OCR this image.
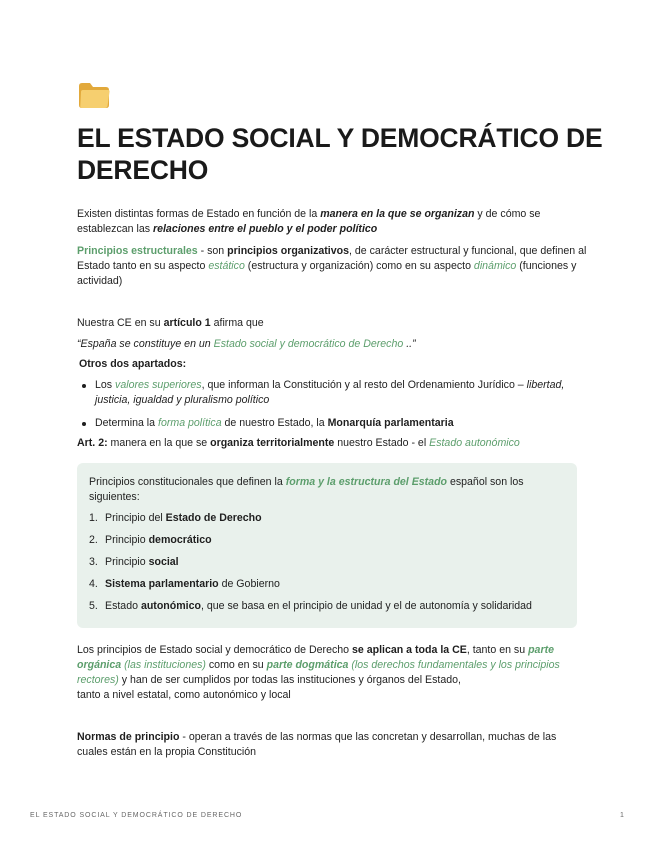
EL ESTADO SOCIAL Y DEMOCRÁTICO DE DERECHO

Existen distintas formas de Estado en función de la manera en la que se organizan y de cómo se establezcan las relaciones entre el pueblo y el poder político

Principios estructurales - son principios organizativos, de carácter estructural y funcional, que definen al Estado tanto en su aspecto estático (estructura y organización) como en su aspecto dinámico (funciones y actividad)

Nuestra CE en su artículo 1 afirma que

“España se constituye en un Estado social y democrático de Derecho ..”

Otros dos apartados:

Los valores superiores, que informan la Constitución y al resto del Ordenamiento Jurídico – libertad, justicia, igualdad y pluralismo político
Determina la forma política de nuestro Estado, la Monarquía parlamentaria

Art. 2: manera en la que se organiza territorialmente nuestro Estado - el Estado autonómico

Principios constitucionales que definen la forma y la estructura del Estado español son los siguientes:

1. Principio del Estado de Derecho
2. Principio democrático
3. Principio social
4. Sistema parlamentario de Gobierno
5. Estado autonómico, que se basa en el principio de unidad y el de autonomía y solidaridad

Los principios de Estado social y democrático de Derecho se aplican a toda la CE, tanto en su parte orgánica (las instituciones) como en su parte dogmática (los derechos fundamentales y los principios rectores) y han de ser cumplidos por todas las instituciones y órganos del Estado,
tanto a nivel estatal, como autonómico y local

Normas de principio - operan a través de las normas que las concretan y desarrollan, muchas de las cuales están en la propia Constitución

EL ESTADO SOCIAL Y DEMOCRÁTICO DE DERECHO	1
